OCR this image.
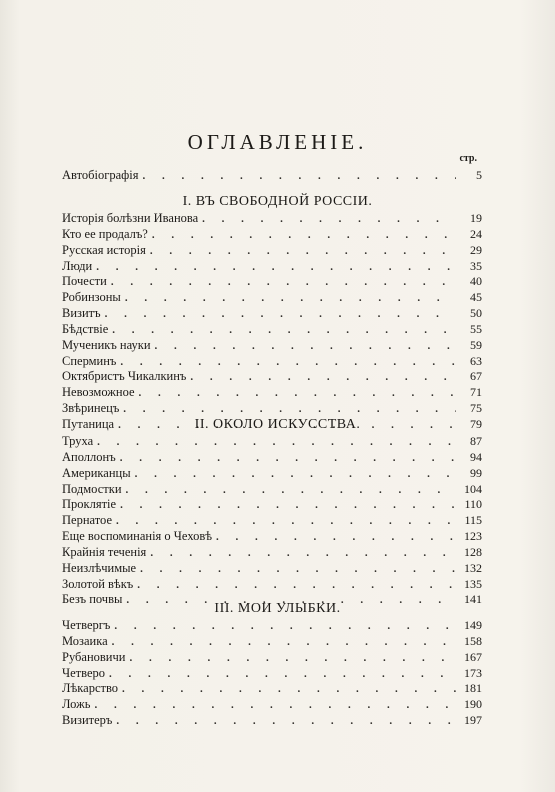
ОГЛАВЛЕНІЕ.
стр.
Автобіографія . . .	5
I. ВЪ СВОБОДНОЙ РОССІИ.
Исторія болѣзни Иванова . . .	19
Кто ее продалъ? . . .	24
Русская исторія . . .	29
Люди . . .	35
Почести . . .	40
Робинзоны . . .	45
Визитъ . . .	50
Бѣдствіе . . .	55
Мученикъ науки . . .	59
Сперминъ . . .	63
Октябристъ Чикалкинъ . . .	67
Невозможное . . .	71
Звѣринецъ . . .	75
Путаница . . .	79
II. ОКОЛО ИСКУССТВА.
Труха . . .	87
Аполлонъ . . .	94
Американцы . . .	99
Подмостки . . .	104
Проклятіе . . .	110
Пернатое . . .	115
Еще воспоминанія о Чеховѣ . . .	123
Крайнія теченія . . .	128
Неизлѣчимые . . .	132
Золотой вѣкъ . . .	135
Безъ почвы . . .	141
III. МОИ УЛЫБКИ.
Четвергъ . . .	149
Мозаика . . .	158
Рубановичи . . .	167
Четверо . . .	173
Лѣкарство . . .	181
Ложь . . .	190
Визитеръ . . .	197
